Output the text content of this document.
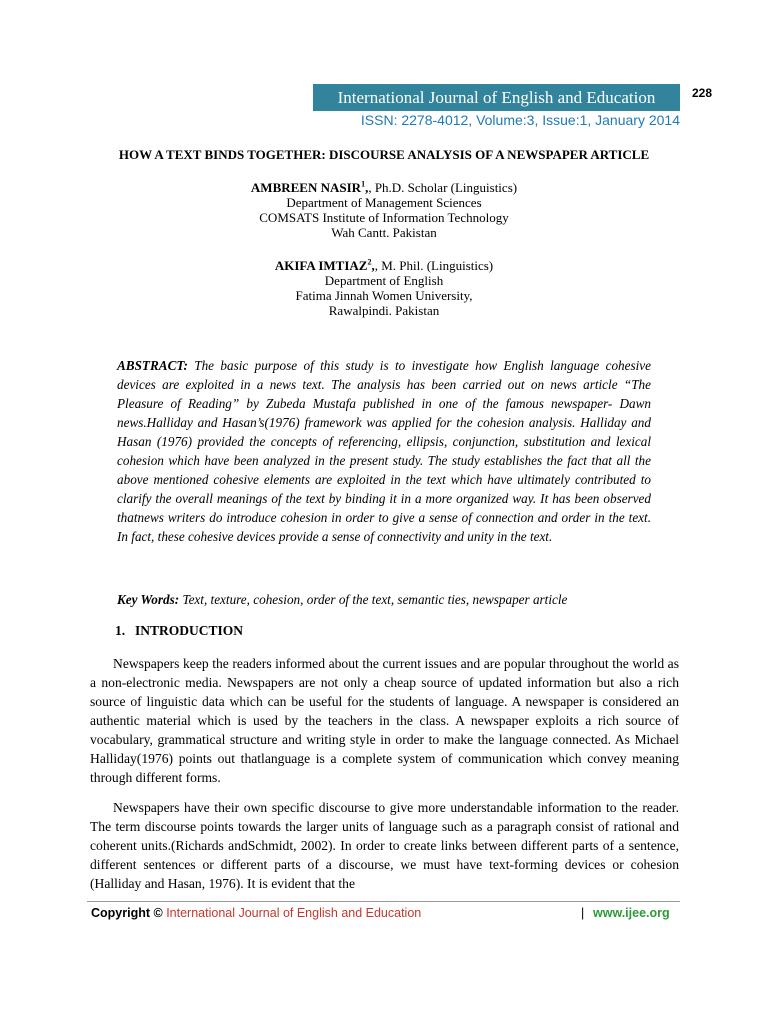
International Journal of English and Education	228
ISSN: 2278-4012, Volume:3, Issue:1, January 2014
HOW A TEXT BINDS TOGETHER: DISCOURSE ANALYSIS OF A NEWSPAPER ARTICLE
AMBREEN NASIR$^1$,, Ph.D. Scholar (Linguistics)
Department of Management Sciences
COMSATS Institute of Information Technology
Wah Cantt. Pakistan
AKIFA IMTIAZ$^2$,, M. Phil. (Linguistics)
Department of English
Fatima Jinnah Women University,
Rawalpindi. Pakistan

ABSTRACT: The basic purpose of this study is to investigate how English language cohesive devices are exploited in a news text. The analysis has been carried out on news article “The Pleasure of Reading” by Zubeda Mustafa published in one of the famous newspaper- Dawn news.Halliday and Hasan’s(1976) framework was applied for the cohesion analysis. Halliday and Hasan (1976) provided the concepts of referencing, ellipsis, conjunction, substitution and lexical cohesion which have been analyzed in the present study. The study establishes the fact that all the above mentioned cohesive elements are exploited in the text which have ultimately contributed to clarify the overall meanings of the text by binding it in a more organized way. It has been observed thatnews writers do introduce cohesion in order to give a sense of connection and order in the text. In fact, these cohesive devices provide a sense of connectivity and unity in the text.

Key Words: Text, texture, cohesion, order of the text, semantic ties, newspaper article
1. INTRODUCTION

Newspapers keep the readers informed about the current issues and are popular throughout the world as a non-electronic media. Newspapers are not only a cheap source of updated information but also a rich source of linguistic data which can be useful for the students of language. A newspaper is considered an authentic material which is used by the teachers in the class. A newspaper exploits a rich source of vocabulary, grammatical structure and writing style in order to make the language connected. As Michael Halliday(1976) points out thatlanguage is a complete system of communication which convey meaning through different forms.

Newspapers have their own specific discourse to give more understandable information to the reader. The term discourse points towards the larger units of language such as a paragraph consist of rational and coherent units.(Richards andSchmidt, 2002). In order to create links between different parts of a sentence, different sentences or different parts of a discourse, we must have text-forming devices or cohesion (Halliday and Hasan, 1976). It is evident that the

Copyright © International Journal of English and Education	| www.ijee.org
